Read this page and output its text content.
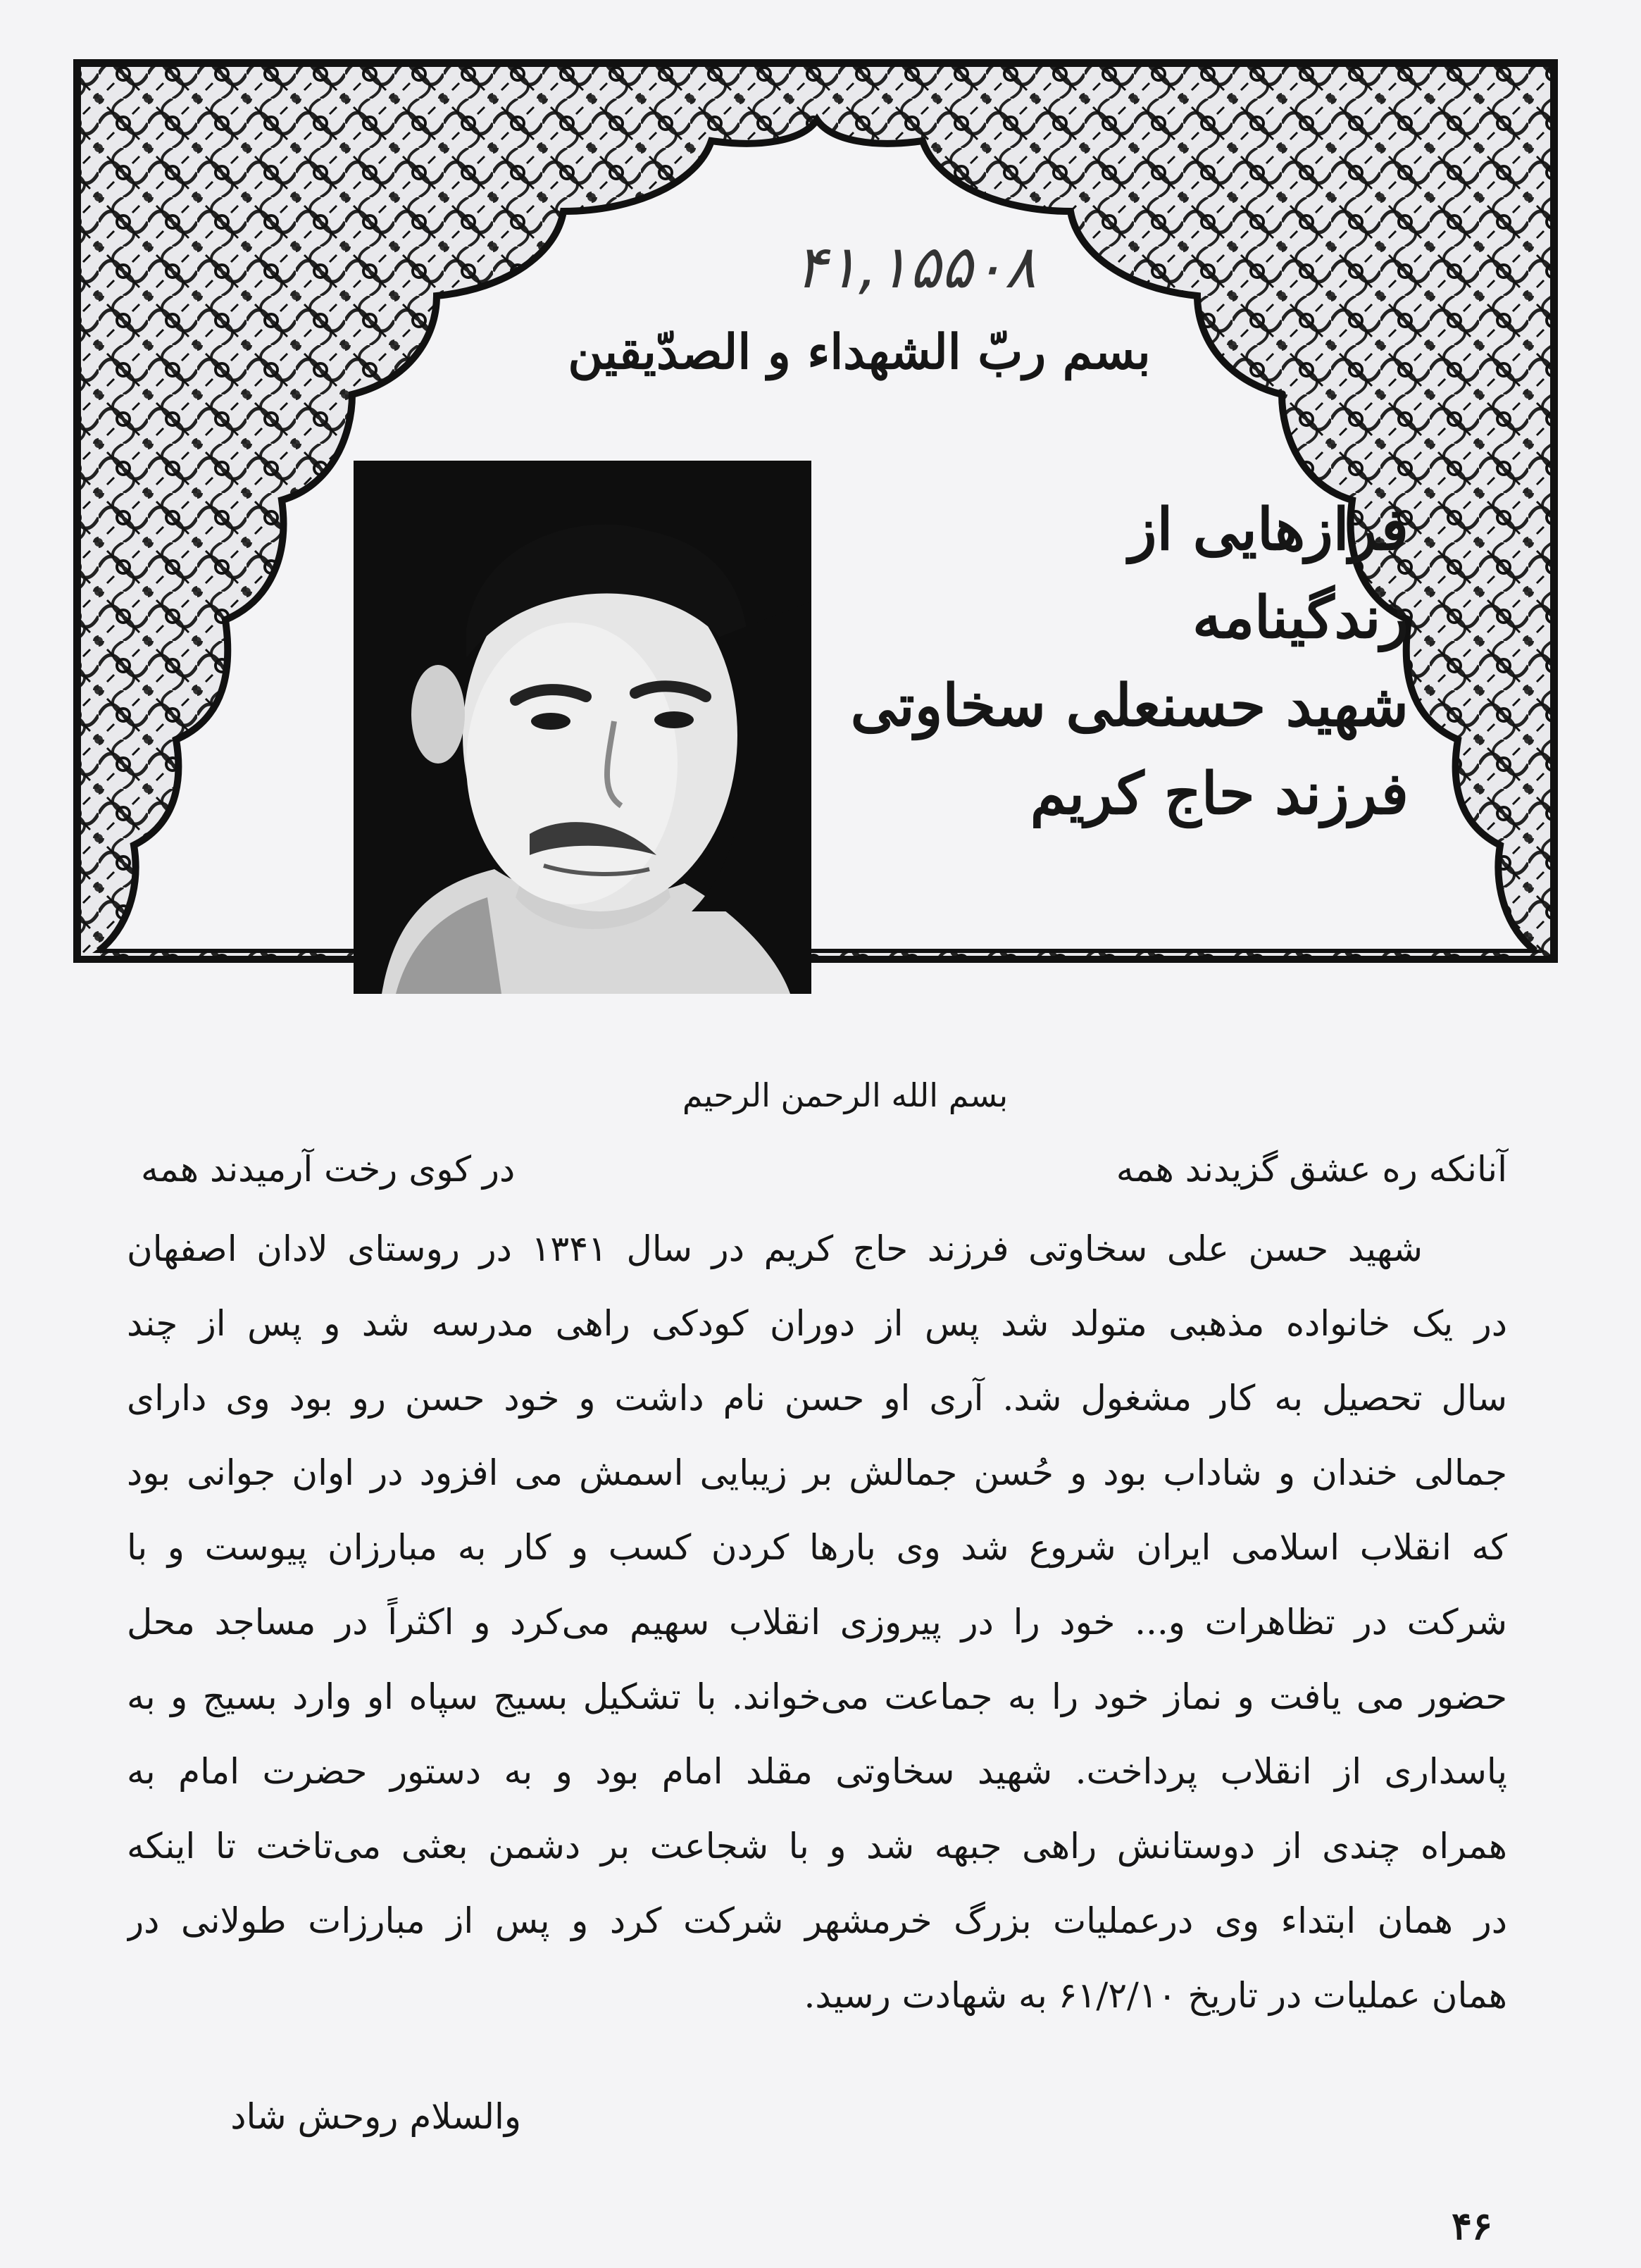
۴۱,۱۵۵۰۸
بسم ربّ الشهداء و الصدّیقین
فرازهایی از
زندگینامه
شهید حسنعلی سخاوتی
فرزند حاج کریم
بسم الله الرحمن الرحیم
آنانکه ره عشق گزیدند همه
در کوی رخت آرمیدند همه
شهید حسن علی سخاوتی فرزند حاج کریم در سال ۱۳۴۱ در روستای لادان اصفهان
در یک خانواده مذهبی متولد شد پس از دوران کودکی راهی مدرسه شد و پس از چند
سال تحصیل به کار مشغول شد. آری او حسن نام داشت و خود حسن رو بود وی دارای
جمالی خندان و شاداب بود و حُسن جمالش بر زیبایی اسمش می افزود در اوان جوانی بود
که انقلاب اسلامی ایران شروع شد وی بارها کردن کسب و کار به مبارزان پیوست و با
شرکت در تظاهرات و... خود را در پیروزی انقلاب سهیم می‌کرد و اکثراً در مساجد محل
حضور می یافت و نماز خود را به جماعت می‌خواند. با تشکیل بسیج سپاه او وارد بسیج و به
پاسداری از انقلاب پرداخت. شهید سخاوتی مقلد امام بود و به دستور حضرت امام به
همراه چندی از دوستانش راهی جبهه شد و با شجاعت بر دشمن بعثی می‌تاخت تا اینکه
در همان ابتداء وی درعملیات بزرگ خرمشهر شرکت کرد و پس از مبارزات طولانی در
همان عملیات در تاریخ ۶۱/۲/۱۰ به شهادت رسید.
والسلام روحش شاد
۴۶
